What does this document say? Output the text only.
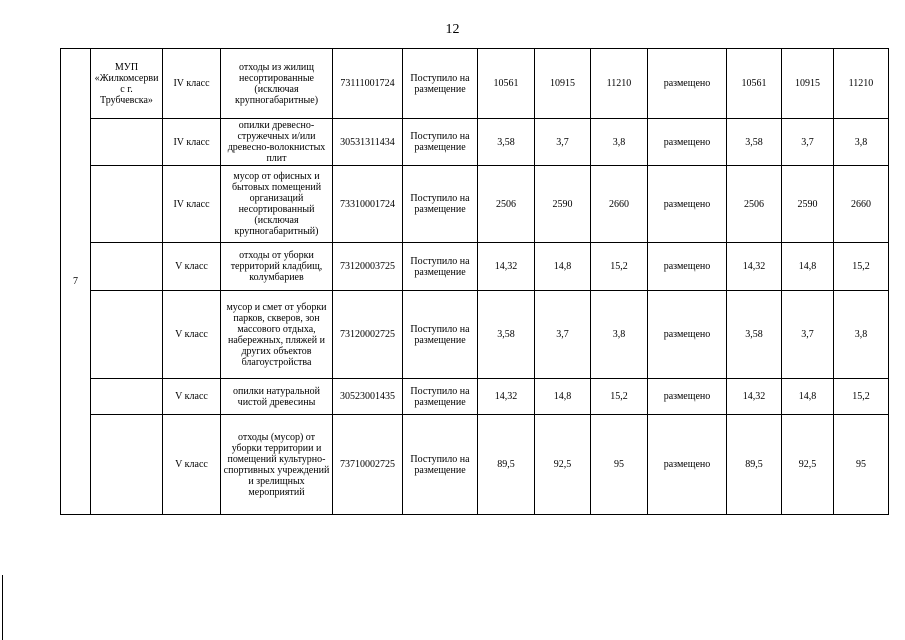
12
7	МУП «Жилкомсервис г. Трубчевска»	IV класс	отходы из жилищ несортированные (исключая крупногабаритные)	73111001724	Поступило на размещение	10561	10915	11210	размещено	10561	10915	11210
		IV класс	опилки древесно-стружечных и/или древесно-волокнистых плит	30531311434	Поступило на размещение	3,58	3,7	3,8	размещено	3,58	3,7	3,8
		IV класс	мусор от офисных и бытовых помещений организаций несортированный (исключая крупногабаритный)	73310001724	Поступило на размещение	2506	2590	2660	размещено	2506	2590	2660
		V класс	отходы от уборки территорий кладбищ, колумбариев	73120003725	Поступило на размещение	14,32	14,8	15,2	размещено	14,32	14,8	15,2
		V класс	мусор и смет от уборки парков, скверов, зон массового отдыха, набережных, пляжей и других объектов благоустройства	73120002725	Поступило на размещение	3,58	3,7	3,8	размещено	3,58	3,7	3,8
		V класс	опилки натуральной чистой древесины	30523001435	Поступило на размещение	14,32	14,8	15,2	размещено	14,32	14,8	15,2
		V класс	отходы (мусор) от уборки территории и помещений культурно-спортивных учреждений и зрелищных мероприятий	73710002725	Поступило на размещение	89,5	92,5	95	размещено	89,5	92,5	95
